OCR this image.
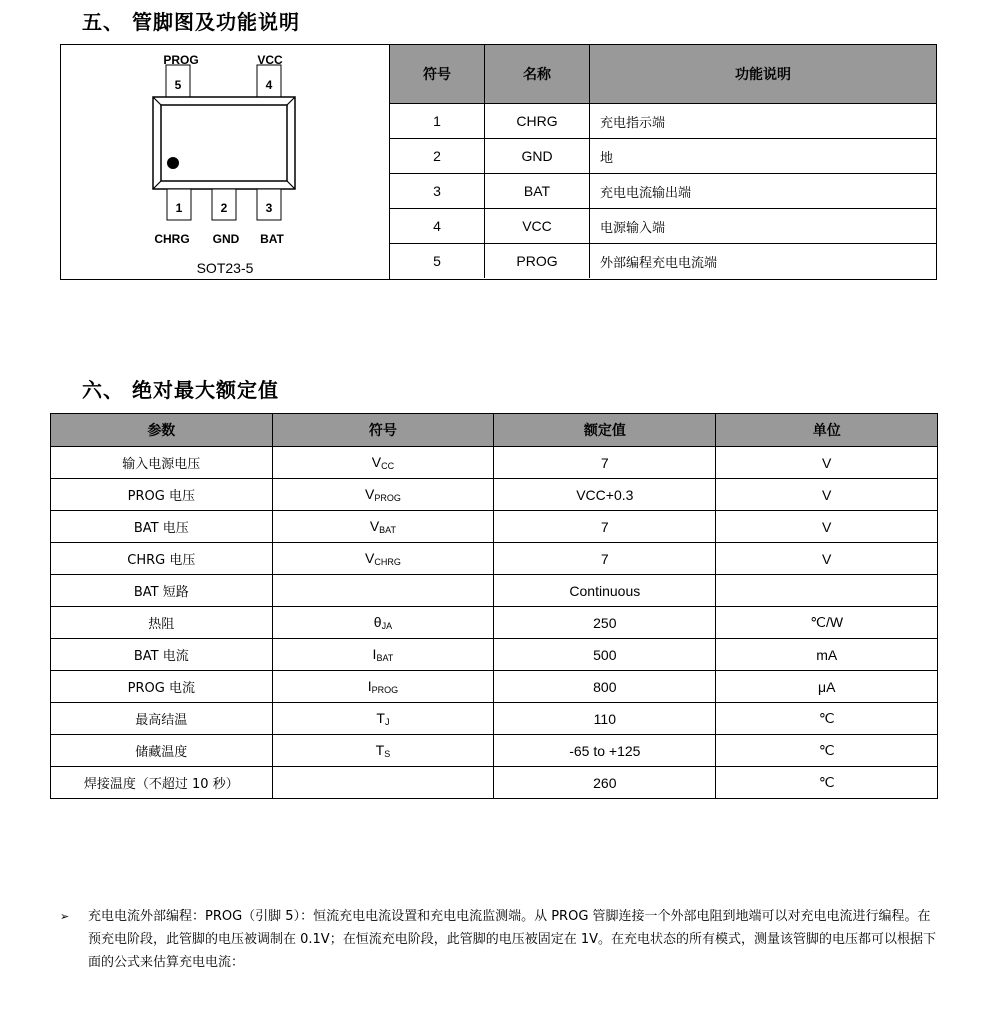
五、 管脚图及功能说明
5	4
PROG	VCC
1	2	3
CHRG GND BAT
SOT23-5
符号	名称	功能说明
1	CHRG	充电指示端
2	GND	地
3	BAT	充电电流输出端
4	VCC	电源输入端
5	PROG	外部编程充电电流端
六、 绝对最大额定值
参数	符号	额定值	单位
输入电源电压	$V_{CC}$	7	V
PROG 电压	$V_{PROG}$	VCC+0.3	V
BAT 电压	$V_{BAT}$	7	V
CHRG 电压	$V_{CHRG}$	7	V
BAT 短路		Continuous	
热阻	$\theta_{JA}$	250	℃/W
BAT 电流	$I_{BAT}$	500	mA
PROG 电流	$I_{PROG}$	800	μA
最高结温	$T_J$	110	℃
储藏温度	$T_S$	-65 to +125	℃
焊接温度（不超过 10 秒）		260	℃
➢ 充电电流外部编程：PROG（引脚 5）：恒流充电电流设置和充电电流监测端。从 PROG 管脚连接一个外部电阻到地端可以对充电电流进行编程。在预充电阶段，此管脚的电压被调制在 0.1V；在恒流充电阶段，此管脚的电压被固定在 1V。在充电状态的所有模式，测量该管脚的电压都可以根据下面的公式来估算充电电流：
